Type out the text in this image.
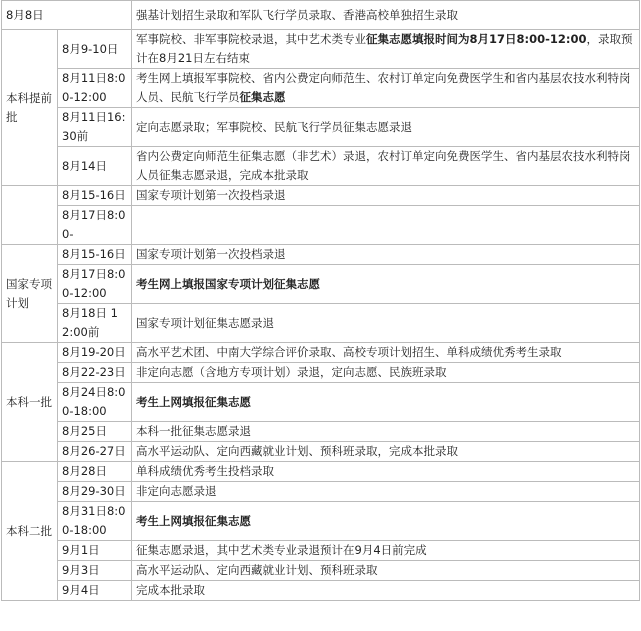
8月8日		强基计划招生录取和军队飞行学员录取、香港高校单独招生录取
本科提前批	8月9-10日	军事院校、非军事院校录退，其中艺术类专业征集志愿填报时间为8月17日8:00-12:00，录取预计在8月21日左右结束
	8月11日8:00-12:00	考生网上填报军事院校、省内公费定向师范生、农村订单定向免费医学生和省内基层农技水利特岗人员、民航飞行学员征集志愿
	8月11日16:30前	定向志愿录取；军事院校、民航飞行学员征集志愿录退
	8月14日	省内公费定向师范生征集志愿（非艺术）录退，农村订单定向免费医学生、省内基层农技水利特岗人员征集志愿录退，完成本批录取
	8月15-16日	国家专项计划第一次投档录退
	8月17日8:00-	
国家专项计划	8月15-16日	国家专项计划第一次投档录退
	8月17日8:00-12:00	考生网上填报国家专项计划征集志愿
	8月18日 12:00前	国家专项计划征集志愿录退
本科一批	8月19-20日	高水平艺术团、中南大学综合评价录取、高校专项计划招生、单科成绩优秀考生录取
	8月22-23日	非定向志愿（含地方专项计划）录退，定向志愿、民族班录取
	8月24日8:00-18:00	考生上网填报征集志愿
	8月25日	本科一批征集志愿录退
	8月26-27日	高水平运动队、定向西藏就业计划、预科班录取，完成本批录取
本科二批	8月28日	单科成绩优秀考生投档录取
	8月29-30日	非定向志愿录退
	8月31日8:00-18:00	考生上网填报征集志愿
	9月1日	征集志愿录退，其中艺术类专业录退预计在9月4日前完成
	9月3日	高水平运动队、定向西藏就业计划、预科班录取
	9月4日	完成本批录取
